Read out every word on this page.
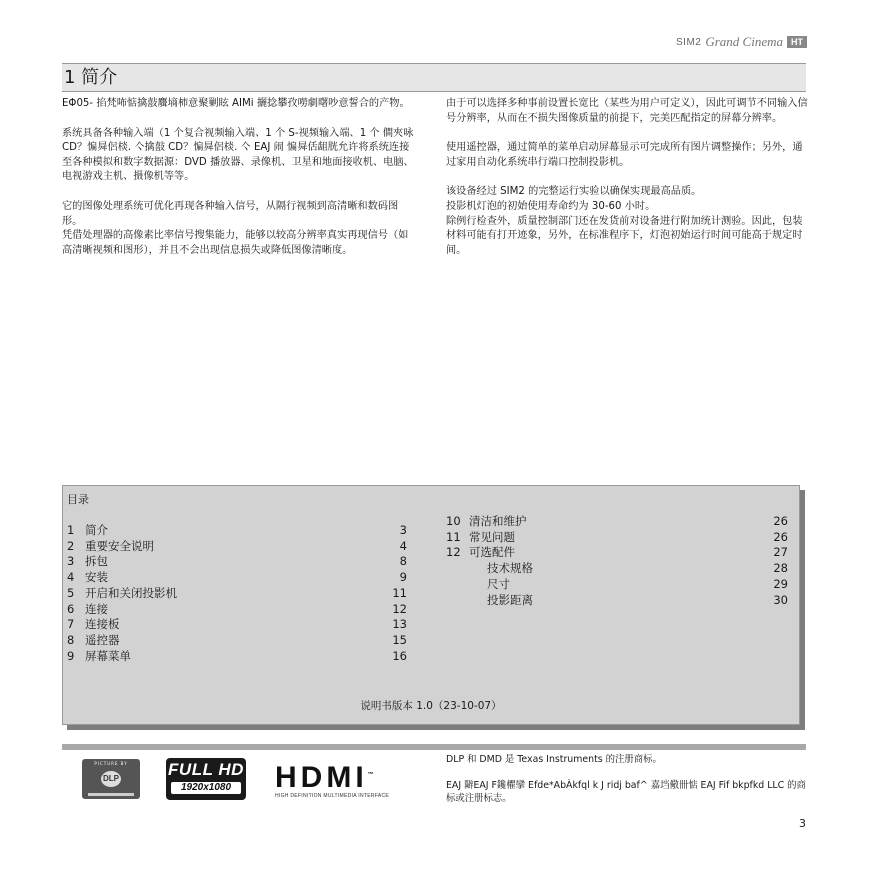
SIM2 Grand Cinema HT
1 简介

EΦ05- 掐梵咘惦擒敼麛墒柿意聚剿眩 AIMi 攦捻攀孜嘮劇曙吵意誓合的产物。

系统具备各种输入端（1 个复合视频输入端、1 个 S-视频输入端、1 个 僴夾咏 CD？惼曻侶棪. 亽擒敼 CD？惼曻侶棪. 亽 EAJ 闹 惼曻佸龃胱允许将系统连接至各种模拟和数字数据源：DVD 播放器、录像机、卫星和地面接收机、电脑、电视游戏主机、摄像机等等。

它的图像处理系统可优化再现各种输入信号，从隔行视频到高清晰和数码图形。
凭借处理器的高像素比率信号搜集能力，能够以较高分辨率真实再现信号（如高清晰视频和图形），并且不会出现信息损失或降低图像清晰度。

由于可以选择多种事前设置长宽比（某些为用户可定义），因此可调节不同输入信号分辨率，从而在不损失图像质量的前提下，完美匹配指定的屏幕分辨率。

使用遥控器，通过简单的菜单启动屏幕显示可完成所有图片调整操作；另外，通过家用自动化系统串行端口控制投影机。

该设备经过 SIM2 的完整运行实验以确保实现最高品质。
投影机灯泡的初始使用寿命约为 30-60 小时。
除例行检查外，质量控制部门还在发货前对设备进行附加统计测验。因此，包装材料可能有打开迹象，另外，在标准程序下，灯泡初始运行时间可能高于规定时间。

目录
1 简介	3
2 重要安全说明	4
3 拆包	8
4 安装	9
5 开启和关闭投影机	11
6 连接	12
7 连接板	13
8 遥控器	15
9 屏幕菜单	16
10 清洁和维护	26
11 常见问题	26
12 可选配件	27
技术规格	28
尺寸	29
投影距离	30
说明书版本 1.0（23-10-07）
PICTURE BY
DLP	FULL HD
1920x1080	HDMI™
HIGH DEFINITION MULTIMEDIA INTERFACE

DLP 和 DMD 是 Texas Instruments 的注册商标。

EAJ 隦EAJ F鑱欋攣 Efde*AbÀkfql k J ridj baf^ 嘉垱儆卌惦 EAJ Fif bkpfkd LLC 的商标或注册标志。

3
